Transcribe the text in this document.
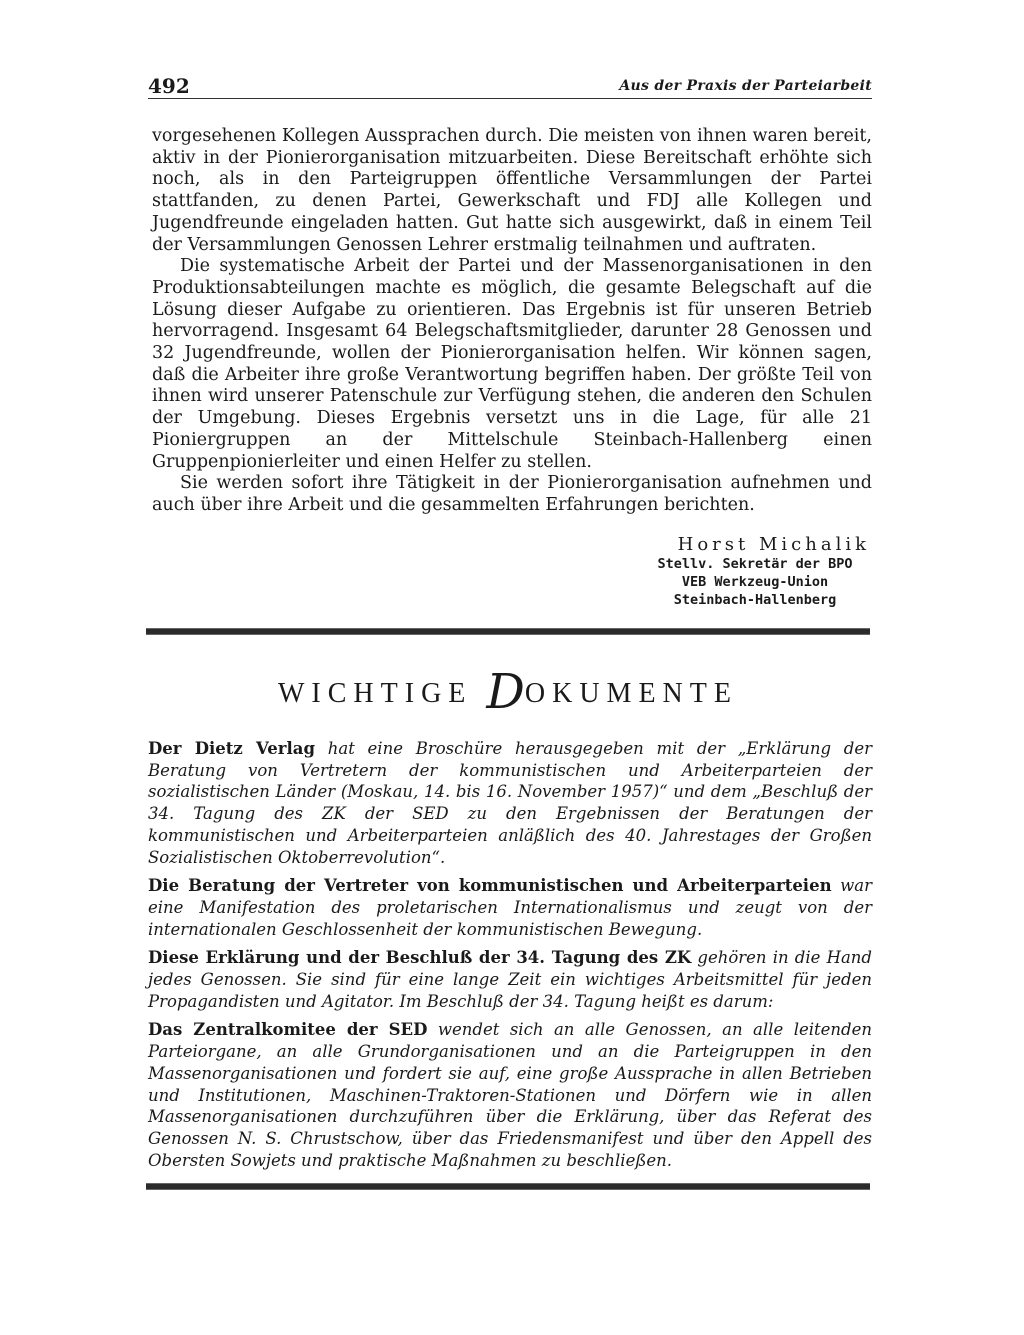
492	Aus der Praxis der Parteiarbeit

vorgesehenen Kollegen Aussprachen durch. Die meisten von ihnen waren bereit, aktiv in der Pionierorganisation mitzuarbeiten. Diese Bereitschaft erhöhte sich noch, als in den Parteigruppen öffentliche Versammlungen der Partei stattfanden, zu denen Partei, Gewerkschaft und FDJ alle Kollegen und Jugendfreunde eingeladen hatten. Gut hatte sich ausgewirkt, daß in einem Teil der Versammlungen Genossen Lehrer erstmalig teilnahmen und auftraten.

Die systematische Arbeit der Partei und der Massenorganisationen in den Produktionsabteilungen machte es möglich, die gesamte Belegschaft auf die Lösung dieser Aufgabe zu orientieren. Das Ergebnis ist für unseren Betrieb hervorragend. Insgesamt 64 Belegschaftsmitglieder, darunter 28 Genossen und 32 Jugendfreunde, wollen der Pionierorganisation helfen. Wir können sagen, daß die Arbeiter ihre große Verantwortung begriffen haben. Der größte Teil von ihnen wird unserer Patenschule zur Verfügung stehen, die anderen den Schulen der Umgebung. Dieses Ergebnis versetzt uns in die Lage, für alle 21 Pioniergruppen an der Mittelschule Steinbach-Hallenberg einen Gruppenpionierleiter und einen Helfer zu stellen.

Sie werden sofort ihre Tätigkeit in der Pionierorganisation aufnehmen und auch über ihre Arbeit und die gesammelten Erfahrungen berichten.

Horst Michalik
Stellv. Sekretär der BPO
VEB Werkzeug-Union
Steinbach-Hallenberg
WICHTIGE DOKUMENTE

Der Dietz Verlag hat eine Broschüre herausgegeben mit der „Erklärung der Beratung von Vertretern der kommunistischen und Arbeiterparteien der sozialistischen Länder (Moskau, 14. bis 16. November 1957)“ und dem „Beschluß der 34. Tagung des ZK der SED zu den Ergebnissen der Beratungen der kommunistischen und Arbeiterparteien anläßlich des 40. Jahrestages der Großen Sozialistischen Oktoberrevolution“.

Die Beratung der Vertreter von kommunistischen und Arbeiterparteien war eine Manifestation des proletarischen Internationalismus und zeugt von der internationalen Geschlossenheit der kommunistischen Bewegung.

Diese Erklärung und der Beschluß der 34. Tagung des ZK gehören in die Hand jedes Genossen. Sie sind für eine lange Zeit ein wichtiges Arbeitsmittel für jeden Propagandisten und Agitator. Im Beschluß der 34. Tagung heißt es darum:

Das Zentralkomitee der SED wendet sich an alle Genossen, an alle leitenden Parteiorgane, an alle Grundorganisationen und an die Parteigruppen in den Massenorganisationen und fordert sie auf, eine große Aussprache in allen Betrieben und Institutionen, Maschinen-Traktoren-Stationen und Dörfern wie in allen Massenorganisationen durchzuführen über die Erklärung, über das Referat des Genossen N. S. Chrustschow, über das Friedensmanifest und über den Appell des Obersten Sowjets und praktische Maßnahmen zu beschließen.
